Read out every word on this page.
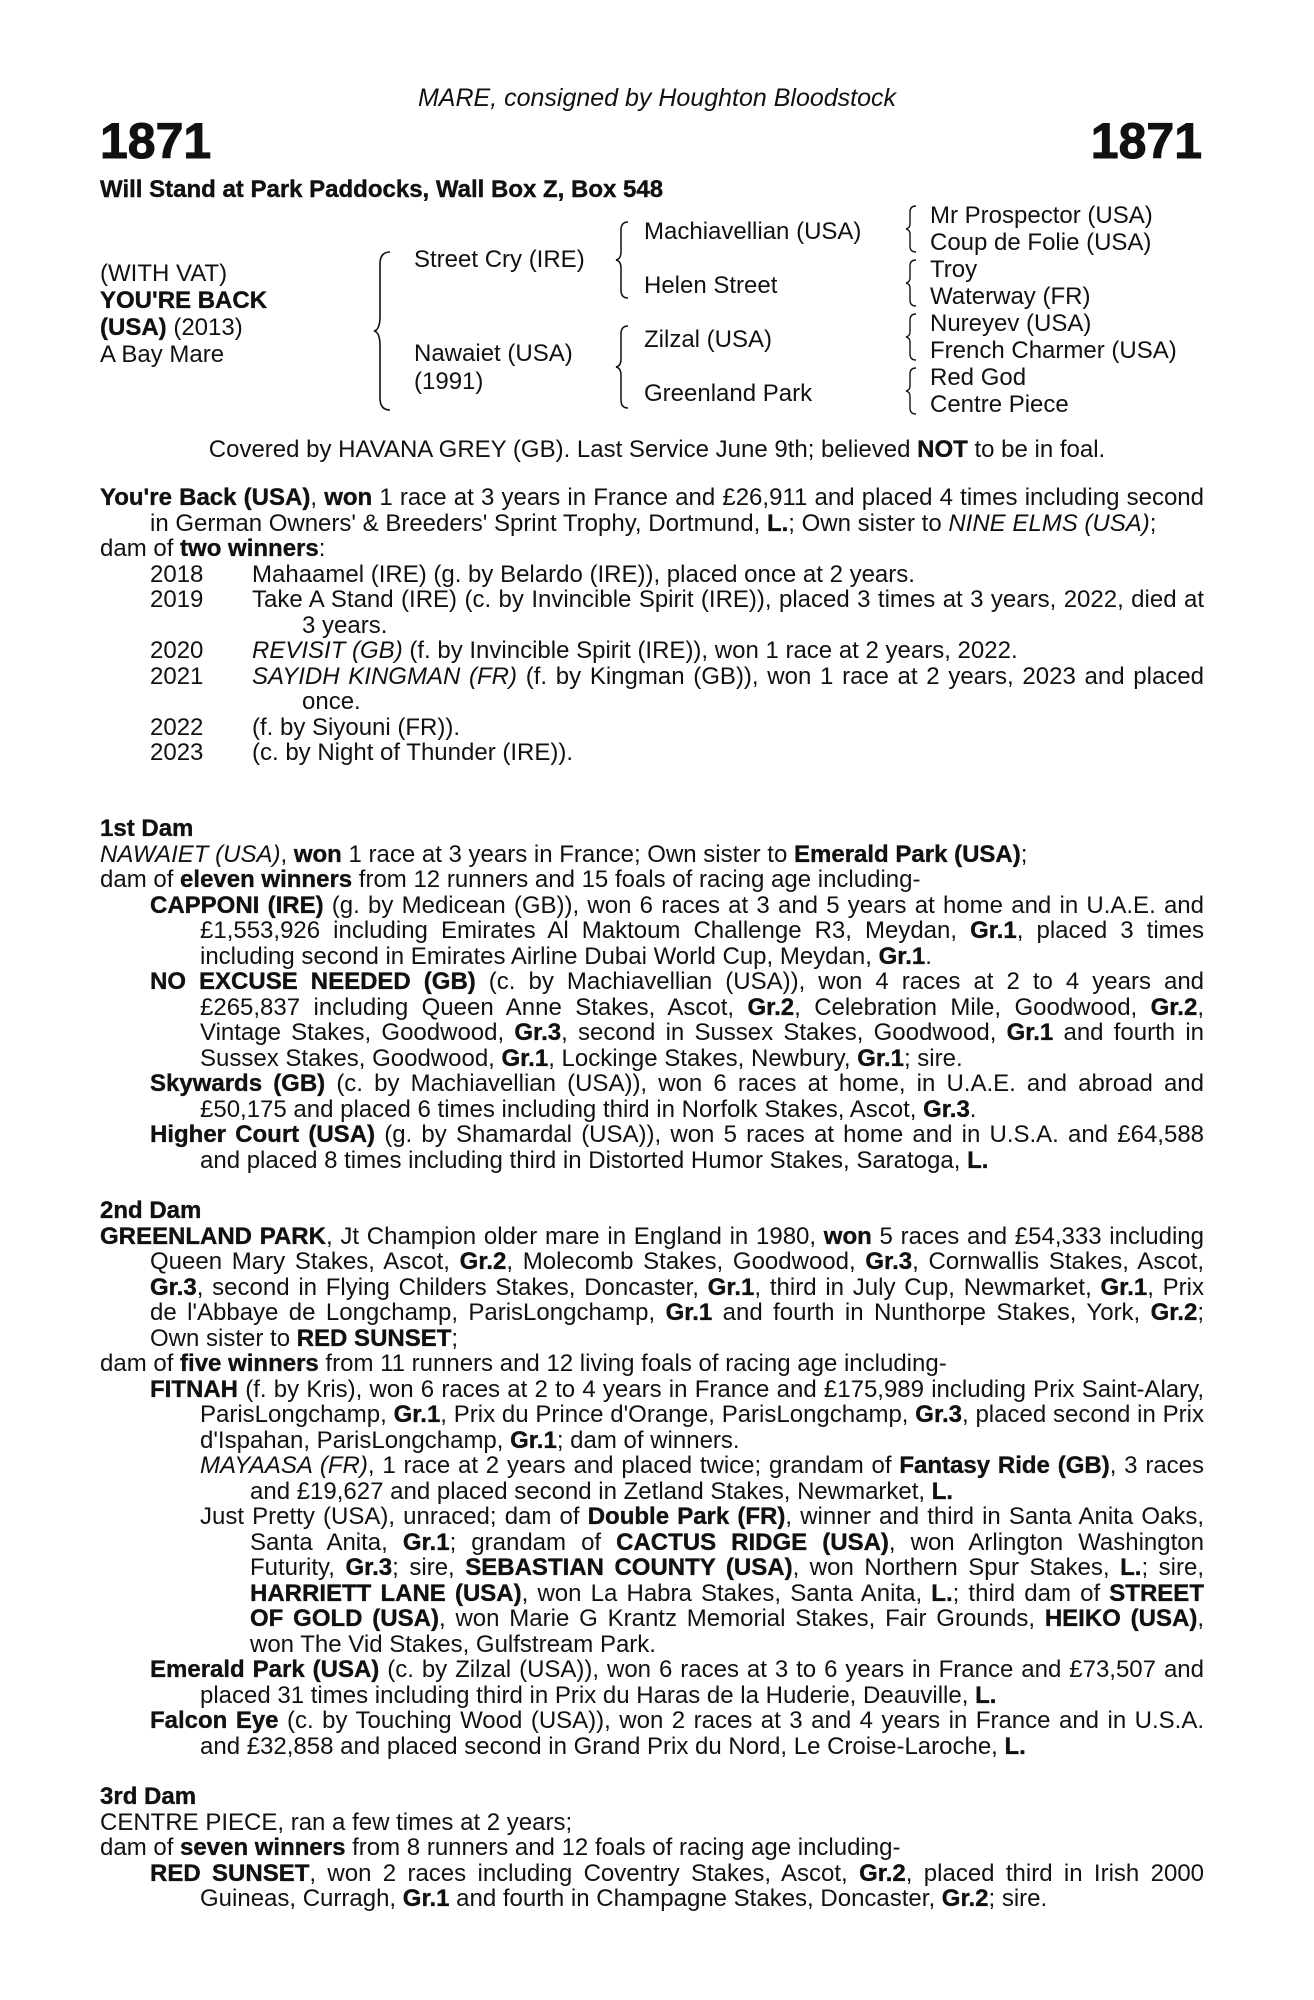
MARE, consigned by Houghton Bloodstock
1871	1871
Will Stand at Park Paddocks, Wall Box Z, Box 548
(WITH VAT)
YOU'RE BACK
(USA) (2013)
A Bay Mare
Street Cry (IRE)
Nawaiet (USA)
(1991)
Machiavellian (USA)
Helen Street
Zilzal (USA)
Greenland Park
Mr Prospector (USA)
Coup de Folie (USA)
Troy
Waterway (FR)
Nureyev (USA)
French Charmer (USA)
Red God
Centre Piece
Covered by HAVANA GREY (GB). Last Service June 9th; believed NOT to be in foal.

You're Back (USA), won 1 race at 3 years in France and £26,911 and placed 4 times including second in German Owners' & Breeders' Sprint Trophy, Dortmund, L.; Own sister to NINE ELMS (USA);

dam of two winners:

2018	Mahaamel (IRE) (g. by Belardo (IRE)), placed once at 2 years.
2019	Take A Stand (IRE) (c. by Invincible Spirit (IRE)), placed 3 times at 3 years, 2022, died at 3 years.
2020	REVISIT (GB) (f. by Invincible Spirit (IRE)), won 1 race at 2 years, 2022.
2021	SAYIDH KINGMAN (FR) (f. by Kingman (GB)), won 1 race at 2 years, 2023 and placed once.
2022	(f. by Siyouni (FR)).
2023	(c. by Night of Thunder (IRE)).

1st Dam

NAWAIET (USA), won 1 race at 3 years in France; Own sister to Emerald Park (USA);

dam of eleven winners from 12 runners and 15 foals of racing age including-

CAPPONI (IRE) (g. by Medicean (GB)), won 6 races at 3 and 5 years at home and in U.A.E. and £1,553,926 including Emirates Al Maktoum Challenge R3, Meydan, Gr.1, placed 3 times including second in Emirates Airline Dubai World Cup, Meydan, Gr.1.

NO EXCUSE NEEDED (GB) (c. by Machiavellian (USA)), won 4 races at 2 to 4 years and £265,837 including Queen Anne Stakes, Ascot, Gr.2, Celebration Mile, Goodwood, Gr.2, Vintage Stakes, Goodwood, Gr.3, second in Sussex Stakes, Goodwood, Gr.1 and fourth in Sussex Stakes, Goodwood, Gr.1, Lockinge Stakes, Newbury, Gr.1; sire.

Skywards (GB) (c. by Machiavellian (USA)), won 6 races at home, in U.A.E. and abroad and £50,175 and placed 6 times including third in Norfolk Stakes, Ascot, Gr.3.

Higher Court (USA) (g. by Shamardal (USA)), won 5 races at home and in U.S.A. and £64,588 and placed 8 times including third in Distorted Humor Stakes, Saratoga, L.

2nd Dam

GREENLAND PARK, Jt Champion older mare in England in 1980, won 5 races and £54,333 including Queen Mary Stakes, Ascot, Gr.2, Molecomb Stakes, Goodwood, Gr.3, Cornwallis Stakes, Ascot, Gr.3, second in Flying Childers Stakes, Doncaster, Gr.1, third in July Cup, Newmarket, Gr.1, Prix de l'Abbaye de Longchamp, ParisLongchamp, Gr.1 and fourth in Nunthorpe Stakes, York, Gr.2; Own sister to RED SUNSET;

dam of five winners from 11 runners and 12 living foals of racing age including-

FITNAH (f. by Kris), won 6 races at 2 to 4 years in France and £175,989 including Prix Saint-Alary, ParisLongchamp, Gr.1, Prix du Prince d'Orange, ParisLongchamp, Gr.3, placed second in Prix d'Ispahan, ParisLongchamp, Gr.1; dam of winners.

MAYAASA (FR), 1 race at 2 years and placed twice; grandam of Fantasy Ride (GB), 3 races and £19,627 and placed second in Zetland Stakes, Newmarket, L.

Just Pretty (USA), unraced; dam of Double Park (FR), winner and third in Santa Anita Oaks, Santa Anita, Gr.1; grandam of CACTUS RIDGE (USA), won Arlington Washington Futurity, Gr.3; sire, SEBASTIAN COUNTY (USA), won Northern Spur Stakes, L.; sire, HARRIETT LANE (USA), won La Habra Stakes, Santa Anita, L.; third dam of STREET OF GOLD (USA), won Marie G Krantz Memorial Stakes, Fair Grounds, HEIKO (USA), won The Vid Stakes, Gulfstream Park.

Emerald Park (USA) (c. by Zilzal (USA)), won 6 races at 3 to 6 years in France and £73,507 and placed 31 times including third in Prix du Haras de la Huderie, Deauville, L.

Falcon Eye (c. by Touching Wood (USA)), won 2 races at 3 and 4 years in France and in U.S.A. and £32,858 and placed second in Grand Prix du Nord, Le Croise-Laroche, L.

3rd Dam

CENTRE PIECE, ran a few times at 2 years;

dam of seven winners from 8 runners and 12 foals of racing age including-

RED SUNSET, won 2 races including Coventry Stakes, Ascot, Gr.2, placed third in Irish 2000 Guineas, Curragh, Gr.1 and fourth in Champagne Stakes, Doncaster, Gr.2; sire.
